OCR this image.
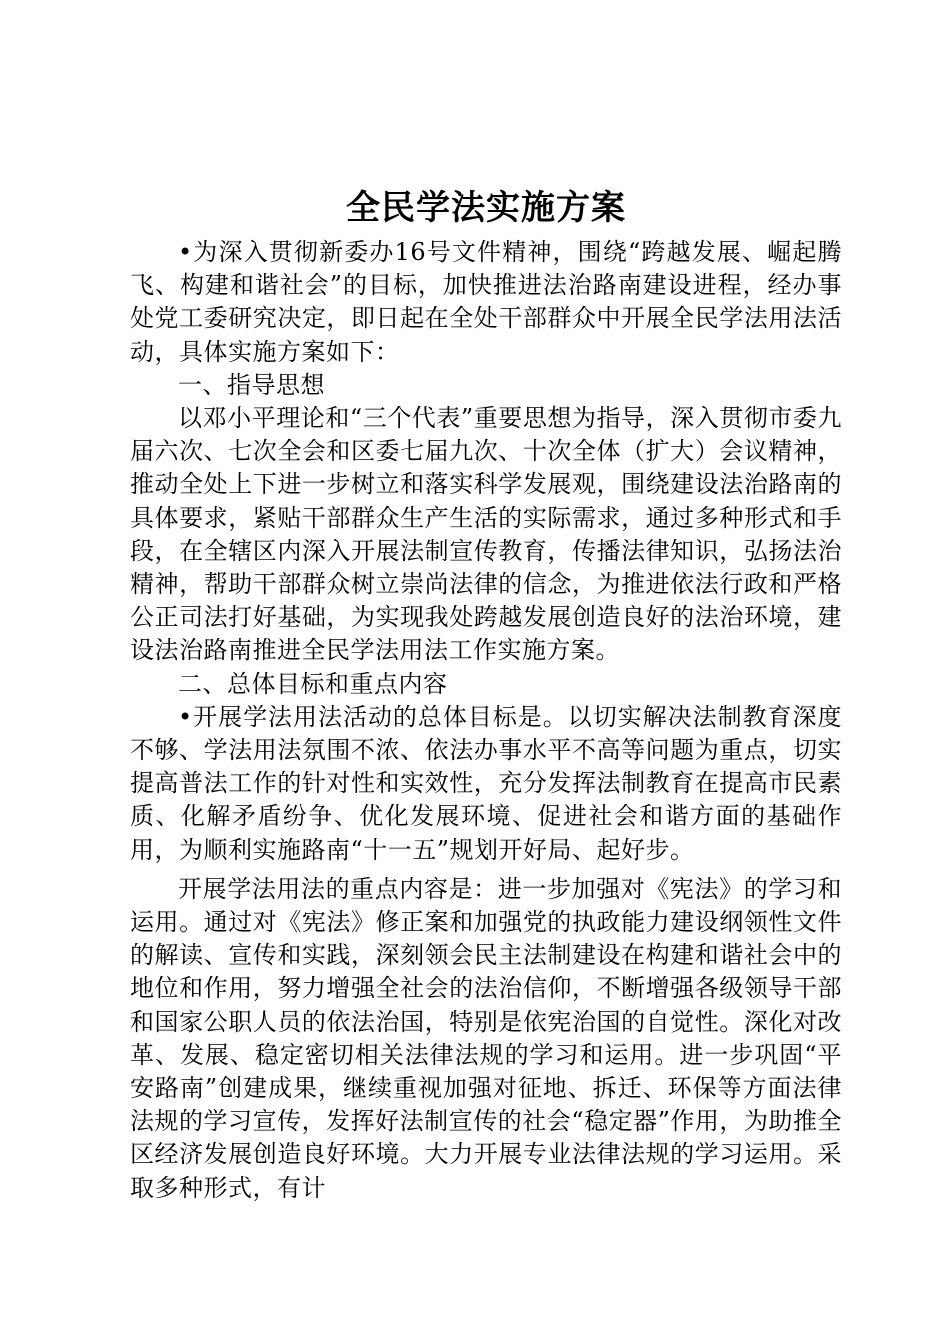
全民学法实施方案

•为深入贯彻新委办16号文件精神，围绕“跨越发展、崛起腾飞、构建和谐社会”的目标，加快推进法治路南建设进程，经办事处党工委研究决定，即日起在全处干部群众中开展全民学法用法活动，具体实施方案如下：

一、指导思想

以邓小平理论和“三个代表”重要思想为指导，深入贯彻市委九届六次、七次全会和区委七届九次、十次全体（扩大）会议精神，推动全处上下进一步树立和落实科学发展观，围绕建设法治路南的具体要求，紧贴干部群众生产生活的实际需求，通过多种形式和手段，在全辖区内深入开展法制宣传教育，传播法律知识，弘扬法治精神，帮助干部群众树立崇尚法律的信念，为推进依法行政和严格公正司法打好基础，为实现我处跨越发展创造良好的法治环境，建设法治路南推进全民学法用法工作实施方案。

二、总体目标和重点内容

•开展学法用法活动的总体目标是。以切实解决法制教育深度不够、学法用法氛围不浓、依法办事水平不高等问题为重点，切实提高普法工作的针对性和实效性，充分发挥法制教育在提高市民素质、化解矛盾纷争、优化发展环境、促进社会和谐方面的基础作用，为顺利实施路南“十一五”规划开好局、起好步。

开展学法用法的重点内容是：进一步加强对《宪法》的学习和运用。通过对《宪法》修正案和加强党的执政能力建设纲领性文件的解读、宣传和实践，深刻领会民主法制建设在构建和谐社会中的地位和作用，努力增强全社会的法治信仰，不断增强各级领导干部和国家公职人员的依法治国，特别是依宪治国的自觉性。深化对改革、发展、稳定密切相关法律法规的学习和运用。进一步巩固“平安路南”创建成果，继续重视加强对征地、拆迁、环保等方面法律法规的学习宣传，发挥好法制宣传的社会“稳定器”作用，为助推全区经济发展创造良好环境。大力开展专业法律法规的学习运用。采取多种形式，有计
